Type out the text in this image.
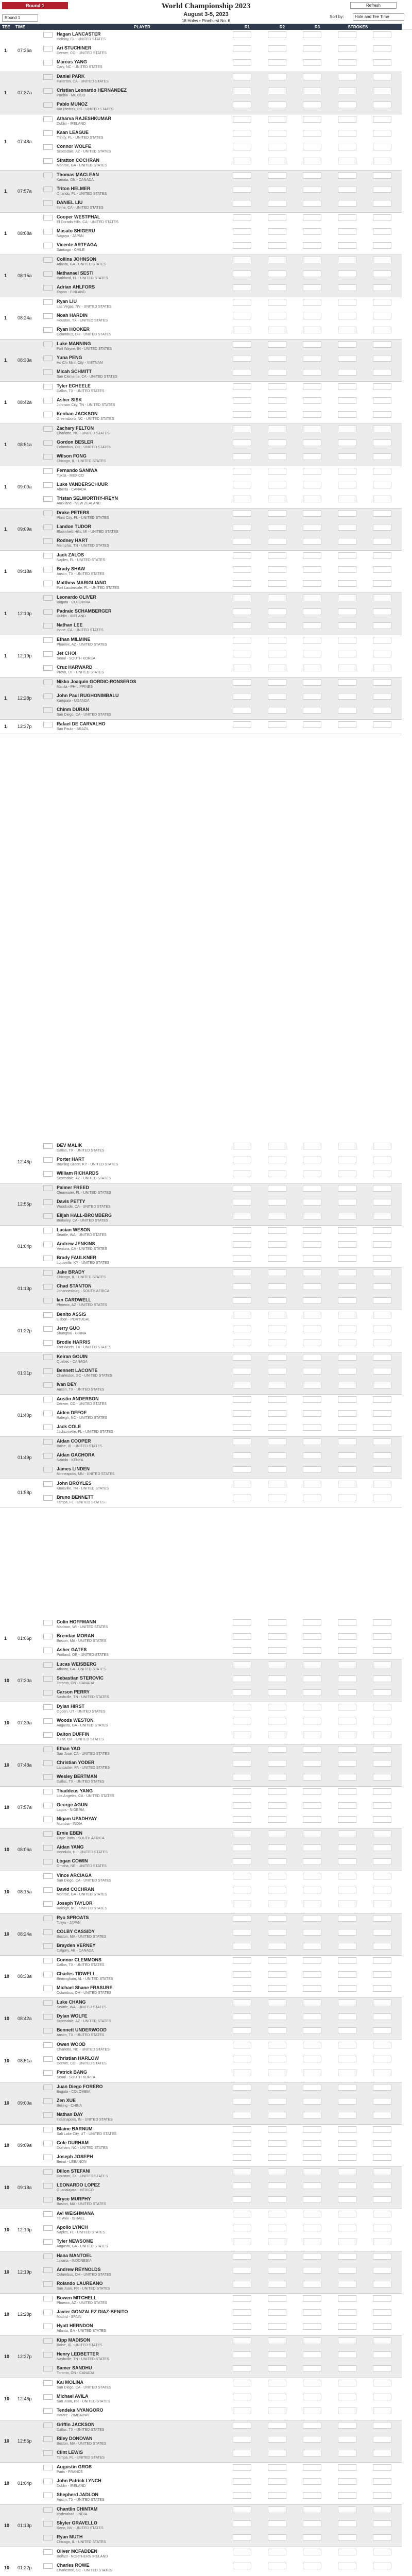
Round 1
Round 1
World Championship 2023
August 3-5, 2023
18 Holes • Pinehurst No. 6
Refresh
Sort by:	Hole and Tee Time
TEE	TIME	PLAYER	R1	R2	R3	STROKES
1 07:26a
Hagan LANCASTER
Holiday, FL - UNITED STATES
Ari STUCHINER
Denver, CO - UNITED STATES
Marcus YANG
Cary, NC - UNITED STATES
1 07:37a
Daniel PARK
Fullerton, CA - UNITED STATES
Cristian Leonardo HERNANDEZ
Puebla - MEXICO
Pablo MUNOZ
Rio Piedras, PR - UNITED STATES
1 07:48a
Atharva RAJESHKUMAR
Dublin - IRELAND
Kaan LEAGUE
Trinity, FL - UNITED STATES
Connor WOLFE
Scottsdale, AZ - UNITED STATES
Stratton COCHRAN
Monroe, GA - UNITED STATES
1 07:57a
Thomas MACLEAN
Kanata, ON - CANADA
Triton HELMER
Orlando, FL - UNITED STATES
DANIEL LIU
Irvine, CA - UNITED STATES
1 08:08a
Cooper WESTPHAL
El Dorado Hills, CA - UNITED STATES
Masato SHIGERU
Nagoya - JAPAN
Vicente ARTEAGA
Santiago - CHILE
1 08:15a
Collins JOHNSON
Atlanta, GA - UNITED STATES
Nathanael SESTI
Parkland, FL - UNITED STATES
Adrian AHLFORS
Espoo - FINLAND
1 08:24a
Ryan LIU
Las Vegas, NV - UNITED STATES
Noah HARDIN
Houston, TX - UNITED STATES
Ryan HOOKER
Columbus, OH - UNITED STATES
1 08:33a
Luke MANNING
Fort Wayne, IN - UNITED STATES
Yuna PENG
Ho Chi Minh City - VIETNAM
Micah SCHMITT
San Clemente, CA - UNITED STATES
1 08:42a
Tyler ECHEELE
Dallas, TX - UNITED STATES
Asher SISK
Johnson City, TN - UNITED STATES
Kenban JACKSON
Greensboro, NC - UNITED STATES
1 08:51a
Zachary FELTON
Charlotte, NC - UNITED STATES
Gordon BESLER
Columbus, OH - UNITED STATES
Wilson FONG
Chicago, IL - UNITED STATES
1 09:00a
Fernando SANIWA
Tuxtla - MEXICO
Luke VANDERSCHUUR
Alberta - CANADA
Tristan SELWORTHY-IREYN
Auckland - NEW ZEALAND
1 09:09a
Drake PETERS
Plant City, FL - UNITED STATES
Landon TUDOR
Bloomfield Hills, MI - UNITED STATES
Rodney HART
Memphis, TN - UNITED STATES
1 09:18a
Jack ZALOS
Naples, FL - UNITED STATES
Brady SHAW
Austin, TX - UNITED STATES
Matthew MARIGLIANO
Fort Lauderdale, FL - UNITED STATES
1 12:10p
Leonardo OLIVER
Bogota - COLOMBIA
Padraic SCHAMBERGER
Dublin - IRELAND
Nathan LEE
Irvine, CA - UNITED STATES
1 12:19p
Ethan MILMINE
Phoenix, AZ - UNITED STATES
Jet CHOI
Seoul - SOUTH KOREA
Cruz HARWARD
Provo, UT - UNITED STATES
1 12:28p
Nikko Joaquin GORDIC-RONSEROS
Manila - PHILIPPINES
John Paul RUGHONIMBALU
Kampala - UGANDA
Chinm DURAN
San Diego, CA - UNITED STATES
1 12:37p	Rafael DE CARVALHO
Sao Paulo - BRAZIL
12:46p
DEV MALIK
Dallas, TX - UNITED STATES
Porter HART
Bowling Green, KY - UNITED STATES
William RICHARDS
Scottsdale, AZ - UNITED STATES
12:55p
Palmer FREED
Clearwater, FL - UNITED STATES
Davis PETTY
Woodside, CA - UNITED STATES
Elijah HALL-BROMBERG
Berkeley, CA - UNITED STATES
01:04p
Lucian WESON
Seattle, WA - UNITED STATES
Andrew JENKINS
Ventura, CA - UNITED STATES
Brady FAULKNER
Louisville, KY - UNITED STATES
01:13p
Jake BRADY
Chicago, IL - UNITED STATES
Chad STANTON
Johannesburg - SOUTH AFRICA
Ian CARDWELL
Phoenix, AZ - UNITED STATES
01:22p
Benito ASSIS
Lisbon - PORTUGAL
Jerry GUO
Shanghai - CHINA
Brodie HARRIS
Fort Worth, TX - UNITED STATES
01:31p
Keiran GOUIN
Quebec - CANADA
Bennett LACONTE
Charleston, SC - UNITED STATES
Ivan DEY
Austin, TX - UNITED STATES
01:40p
Austin ANDERSON
Denver, CO - UNITED STATES
Aiden DEFOE
Raleigh, NC - UNITED STATES
Jack COLE
Jacksonville, FL - UNITED STATES
01:49p
Aidan COOPER
Boise, ID - UNITED STATES
Aidan GACHORA
Nairobi - KENYA
James LINDEN
Minneapolis, MN - UNITED STATES
01:58p
John BROYLES
Knoxville, TN - UNITED STATES
Bruno BENNETT
Tampa, FL - UNITED STATES
1 01:06p
Colin HOFFMANN
Madison, WI - UNITED STATES
Brendan MORAN
Boston, MA - UNITED STATES
Asher GATES
Portland, OR - UNITED STATES
10 07:30a
Lucas WEISBERG
Atlanta, GA - UNITED STATES
Sebastian STEROVIC
Toronto, ON - CANADA
Carson PERRY
Nashville, TN - UNITED STATES
10 07:39a
Dylan HIRST
Ogden, UT - UNITED STATES
Woods WESTON
Augusta, GA - UNITED STATES
Dalton DUFFIN
Tulsa, OK - UNITED STATES
10 07:48a
Ethan YAO
San Jose, CA - UNITED STATES
Christian YODER
Lancaster, PA - UNITED STATES
Wesley BERTMAN
Dallas, TX - UNITED STATES
10 07:57a
Thaddeus YANG
Los Angeles, CA - UNITED STATES
George AGUN
Lagos - NIGERIA
Nigam UPADHYAY
Mumbai - INDIA
10 08:06a
Ernie EBEN
Cape Town - SOUTH AFRICA
Aidan YANG
Honolulu, HI - UNITED STATES
Logan COWIN
Omaha, NE - UNITED STATES
10 08:15a
Vince ARCIAGA
San Diego, CA - UNITED STATES
David COCHRAN
Monroe, GA - UNITED STATES
Joseph TAYLOR
Raleigh, NC - UNITED STATES
10 08:24a
Ryo SPROATS
Tokyo - JAPAN
COLBY CASSIDY
Boston, MA - UNITED STATES
Brayden VERNEY
Calgary, AB - CANADA
10 08:33a
Connor CLEMMONS
Dallas, TX - UNITED STATES
Charles TIDWELL
Birmingham, AL - UNITED STATES
Michael Shane FRASURE
Columbus, OH - UNITED STATES
10 08:42a
Luke CHANG
Seattle, WA - UNITED STATES
Dylan WOLFE
Scottsdale, AZ - UNITED STATES
Bennett UNDERWOOD
Austin, TX - UNITED STATES
10 08:51a
Owen WOOD
Charlotte, NC - UNITED STATES
Christian HARLOW
Denver, CO - UNITED STATES
Patrick BANG
Seoul - SOUTH KOREA
10 09:00a
Juan Diego FORERO
Bogota - COLOMBIA
Zen XUE
Beijing - CHINA
Nathan DAY
Indianapolis, IN - UNITED STATES
10 09:09a
Blaine BARNUM
Salt Lake City, UT - UNITED STATES
Cole DURHAM
Durham, NC - UNITED STATES
Joseph JOSEPH
Beirut - LEBANON
10 09:18a
Dillon STEFANI
Houston, TX - UNITED STATES
LEONARDO LOPEZ
Guadalajara - MEXICO
Bryce MURPHY
Boston, MA - UNITED STATES
10 12:10p
Avi WEISHMANA
Tel Aviv - ISRAEL
Apollo LYNCH
Naples, FL - UNITED STATES
Tyler NEWSOME
Augusta, GA - UNITED STATES
10 12:19p
Hana MANTOEL
Jakarta - INDONESIA
Andrew REYNOLDS
Columbus, OH - UNITED STATES
Rolando LAUREANO
San Juan, PR - UNITED STATES
10 12:28p
Bowen MITCHELL
Phoenix, AZ - UNITED STATES
Javier GONZALEZ DIAZ-BENITO
Madrid - SPAIN
Hyatt HERNDON
Atlanta, GA - UNITED STATES
10 12:37p
Kipp MADISON
Boise, ID - UNITED STATES
Henry LEDBETTER
Nashville, TN - UNITED STATES
Samer SANDHU
Toronto, ON - CANADA
10 12:46p
Kai MOLINA
San Diego, CA - UNITED STATES
Michael AVILA
San Juan, PR - UNITED STATES
Tendeka NYANGORO
Harare - ZIMBABWE
10 12:55p
Griffin JACKSON
Dallas, TX - UNITED STATES
Riley DONOVAN
Boston, MA - UNITED STATES
Clint LEWIS
Tampa, FL - UNITED STATES
10 01:04p
Augustin GROS
Paris - FRANCE
John Patrick LYNCH
Dublin - IRELAND
Shepherd JADLON
Austin, TX - UNITED STATES
10 01:13p
Chantlin CHINTAM
Hyderabad - INDIA
Skyler GRAVELLO
Reno, NV - UNITED STATES
Ryan MUTH
Chicago, IL - UNITED STATES
10 01:22p
Oliver MCFADDEN
Belfast - NORTHERN IRELAND
Charles ROWE
Charleston, SC - UNITED STATES
